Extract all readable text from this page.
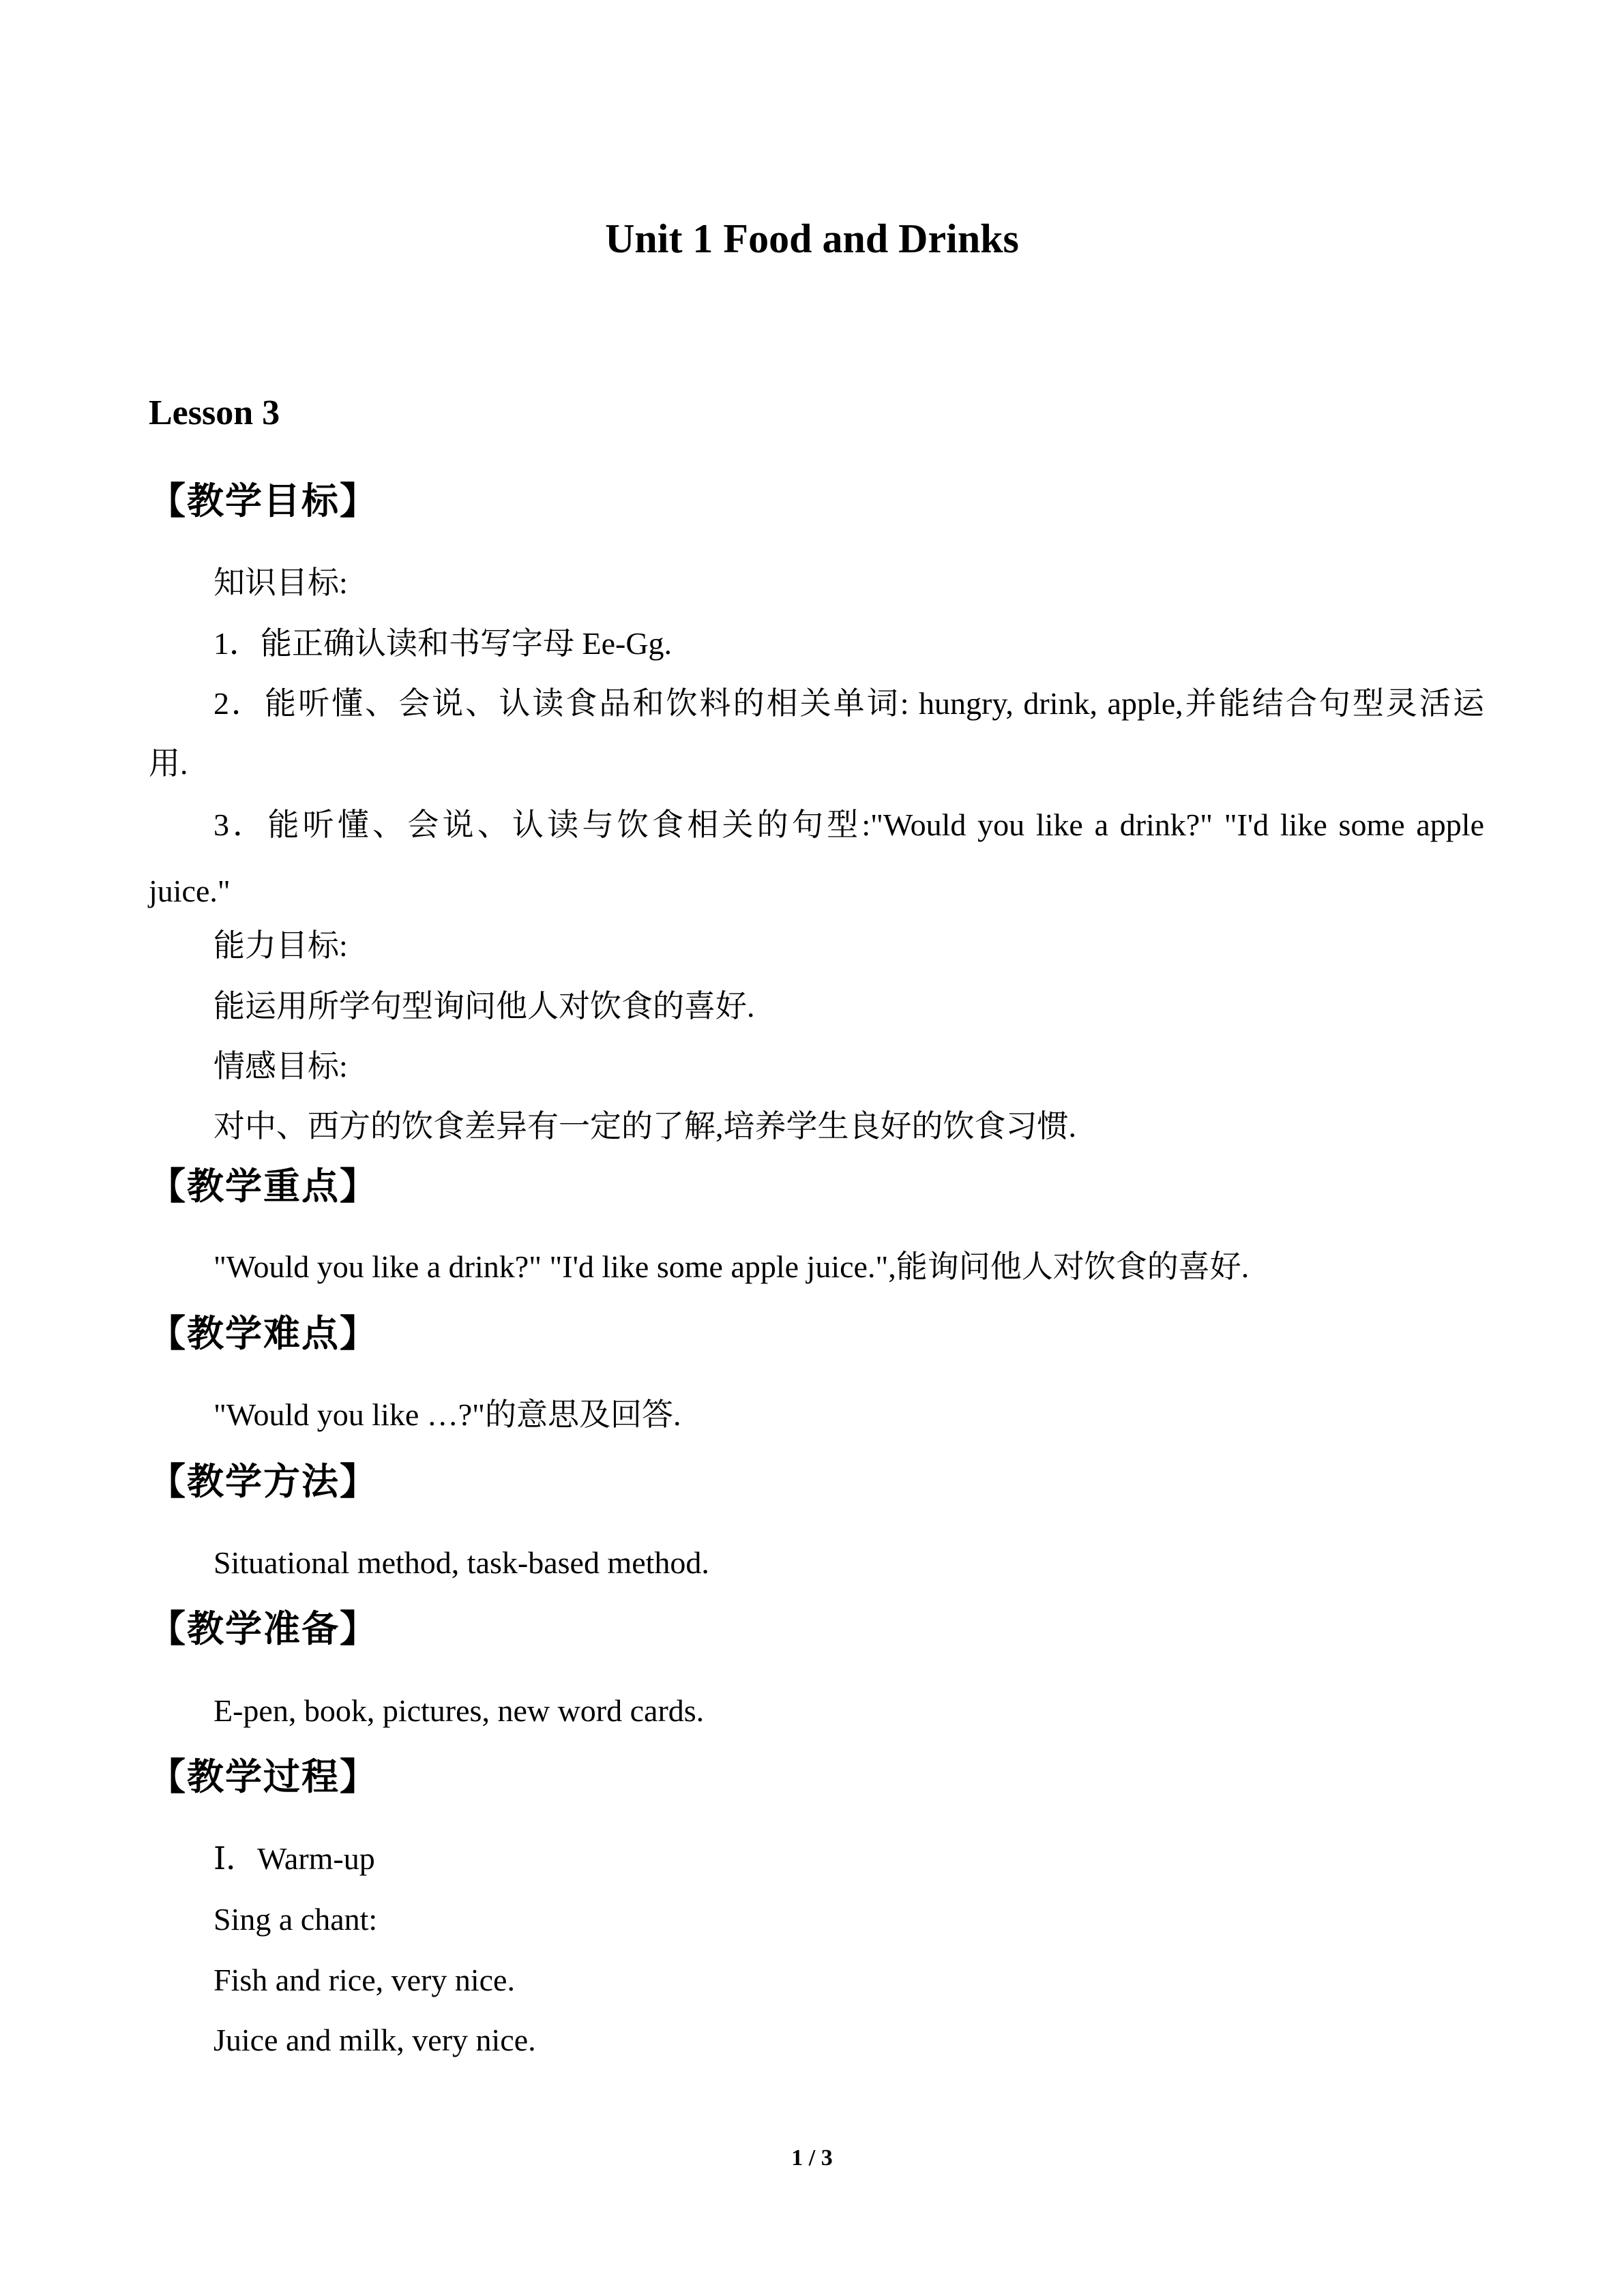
Unit 1 Food and Drinks
Lesson 3
【教学目标】
知识目标:
1．能正确认读和书写字母 Ee-Gg.
2．能听懂、会说、认读食品和饮料的相关单词: hungry, drink, apple,并能结合句型灵活运
用.
3．能听懂、会说、认读与饮食相关的句型:"Would you like a drink?" "I'd like some apple
juice."
能力目标:
能运用所学句型询问他人对饮食的喜好.
情感目标:
对中、西方的饮食差异有一定的了解,培养学生良好的饮食习惯.
【教学重点】
"Would you like a drink?" "I'd like some apple juice.",能询问他人对饮食的喜好.
【教学难点】
"Would you like …?"的意思及回答.
【教学方法】
Situational method, task-based method.
【教学准备】
E-pen, book, pictures, new word cards.
【教学过程】
Ⅰ．Warm-up
Sing a chant:
Fish and rice, very nice.
Juice and milk, very nice.
1 / 3
